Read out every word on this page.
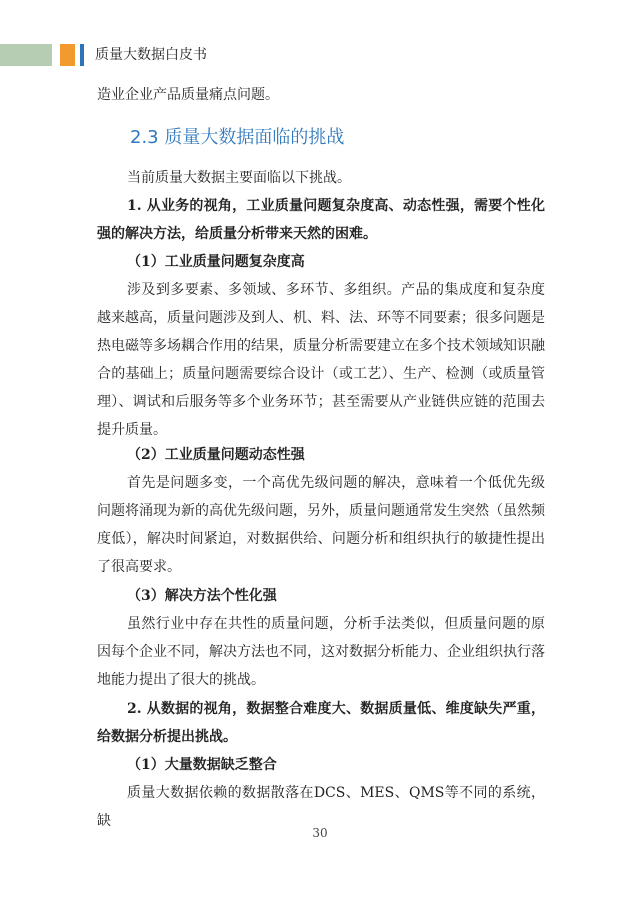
质量大数据白皮书

造业企业产品质量痛点问题。

2.3 质量大数据面临的挑战

当前质量大数据主要面临以下挑战。

1. 从业务的视角，工业质量问题复杂度高、动态性强，需要个性化强的解决方法，给质量分析带来天然的困难。

（1）工业质量问题复杂度高

涉及到多要素、多领域、多环节、多组织。产品的集成度和复杂度越来越高，质量问题涉及到人、机、料、法、环等不同要素；很多问题是热电磁等多场耦合作用的结果，质量分析需要建立在多个技术领域知识融合的基础上；质量问题需要综合设计（或工艺）、生产、检测（或质量管理）、调试和后服务等多个业务环节；甚至需要从产业链供应链的范围去提升质量。

（2）工业质量问题动态性强

首先是问题多变，一个高优先级问题的解决，意味着一个低优先级问题将涌现为新的高优先级问题，另外，质量问题通常发生突然（虽然频度低），解决时间紧迫，对数据供给、问题分析和组织执行的敏捷性提出了很高要求。

（3）解决方法个性化强

虽然行业中存在共性的质量问题，分析手法类似，但质量问题的原因每个企业不同，解决方法也不同，这对数据分析能力、企业组织执行落地能力提出了很大的挑战。

2. 从数据的视角，数据整合难度大、数据质量低、维度缺失严重，给数据分析提出挑战。

（1）大量数据缺乏整合

质量大数据依赖的数据散落在DCS、MES、QMS等不同的系统，缺

30
